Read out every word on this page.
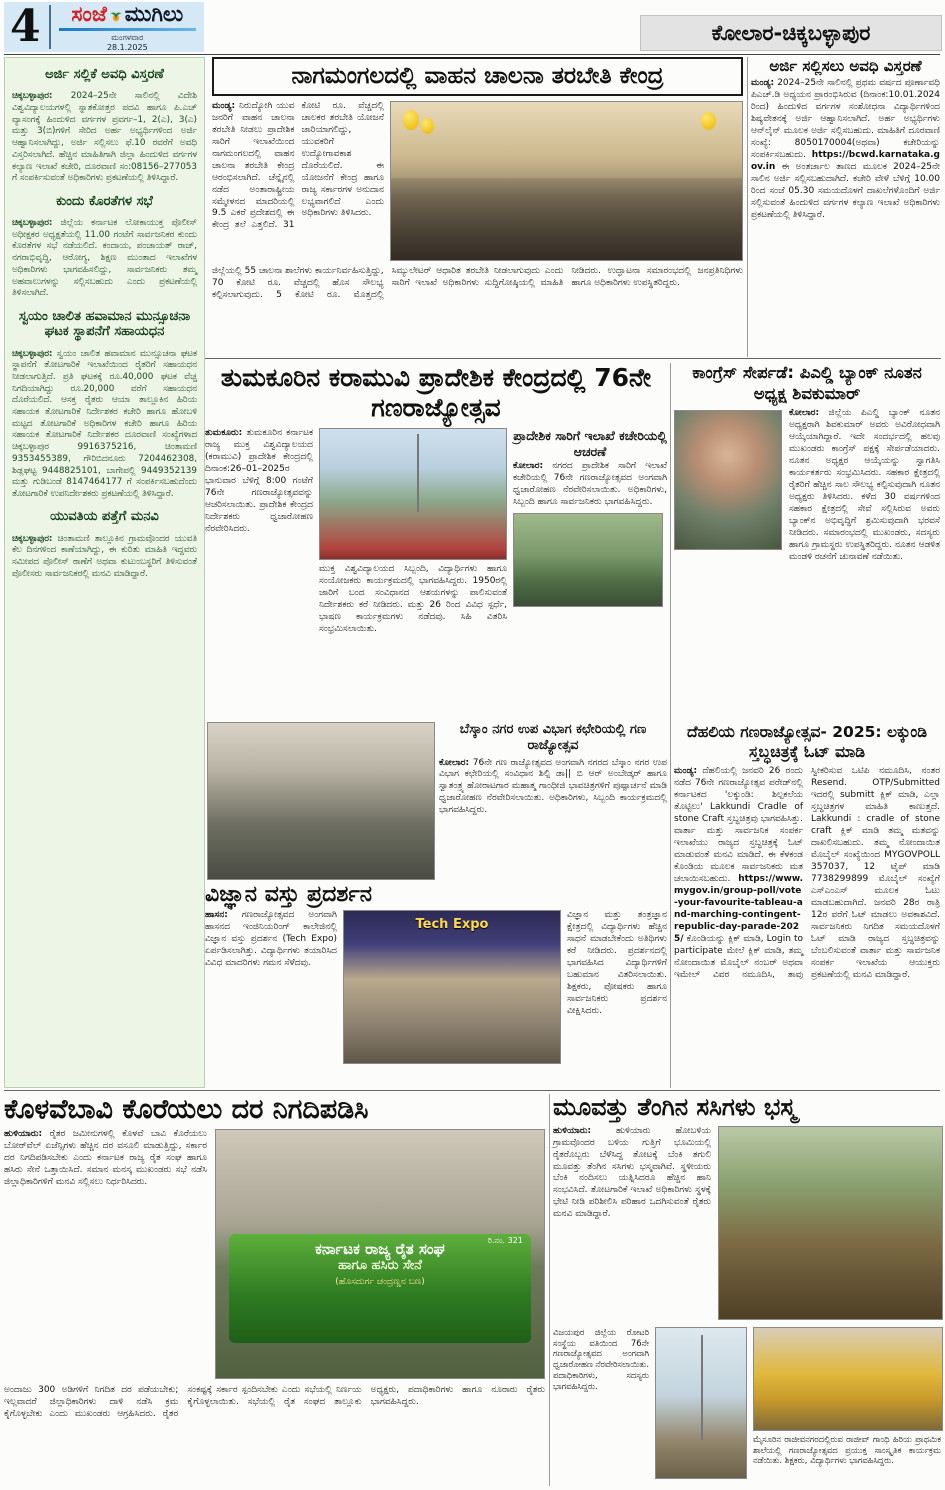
4	ಸಂಜೆ ಮುಗಿಲು
ಮಂಗಳವಾರ
28.1.2025
ಕೋಲಾರ-ಚಿಕ್ಕಬಳ್ಳಾಪುರ
ಅರ್ಜಿ ಸಲ್ಲಿಕೆ ಅವಧಿ ವಿಸ್ತರಣೆ

ಚಿಕ್ಕಬಳ್ಳಾಪುರ: 2024–25ನೇ ಸಾಲಿನಲ್ಲಿ ವಿದೇಶಿ ವಿಶ್ವವಿದ್ಯಾಲಯಗಳಲ್ಲಿ ಸ್ನಾತಕೋತ್ತರ ಪದವಿ ಹಾಗೂ ಪಿ.ಎಚ್ ವ್ಯಾಸಂಗಕ್ಕೆ ಹಿಂದುಳಿದ ವರ್ಗಗಳ ಪ್ರವರ್ಗ–1, 2(ಎ), 3(ಎ) ಮತ್ತು 3(ಬಿ)ಗಳಿಗೆ ಸೇರಿದ ಅರ್ಹ ಅಭ್ಯರ್ಥಿಗಳಿಂದ ಅರ್ಜಿ ಆಹ್ವಾನಿಸಲಾಗಿದ್ದು, ಅರ್ಜಿ ಸಲ್ಲಿಸಲು ಫೆ.10 ರವರೆಗೆ ಅವಧಿ ವಿಸ್ತರಿಸಲಾಗಿದೆ. ಹೆಚ್ಚಿನ ಮಾಹಿತಿಗಾಗಿ ಜಿಲ್ಲಾ ಹಿಂದುಳಿದ ವರ್ಗಗಳ ಕಲ್ಯಾಣ ಇಲಾಖೆ ಕಚೇರಿ, ದೂರವಾಣಿ ಸಂ:08156–277053 ಗೆ ಸಂಪರ್ಕಿಸುವಂತೆ ಅಧಿಕಾರಿಗಳು ಪ್ರಕಟಣೆಯಲ್ಲಿ ತಿಳಿಸಿದ್ದಾರೆ.

ಕುಂದು ಕೊರತೆಗಳ ಸಭೆ

ಚಿಕ್ಕಬಳ್ಳಾಪುರ: ಜಿಲ್ಲೆಯ ಕರ್ನಾಟಕ ಲೋಕಾಯುಕ್ತ ಪೊಲೀಸ್ ಅಧೀಕ್ಷಕರ ಅಧ್ಯಕ್ಷತೆಯಲ್ಲಿ 11.00 ಗಂಟೆಗೆ ಸಾರ್ವಜನಿಕರ ಕುಂದು ಕೊರತೆಗಳ ಸಭೆ ನಡೆಯಲಿದೆ. ಕಂದಾಯ, ಪಂಚಾಯತ್ ರಾಜ್, ನಗರಾಭಿವೃದ್ಧಿ, ಆರೋಗ್ಯ, ಶಿಕ್ಷಣ ಮುಂತಾದ ಇಲಾಖೆಗಳ ಅಧಿಕಾರಿಗಳು ಭಾಗವಹಿಸಲಿದ್ದು, ಸಾರ್ವಜನಿಕರು ತಮ್ಮ ಅಹವಾಲುಗಳನ್ನು ಸಲ್ಲಿಸಬಹುದು ಎಂದು ಪ್ರಕಟಣೆಯಲ್ಲಿ ತಿಳಿಸಲಾಗಿದೆ.

ಸ್ವಯಂ ಚಾಲಿತ ಹವಾಮಾನ ಮುನ್ಸೂಚನಾ ಘಟಕ ಸ್ಥಾಪನೆಗೆ ಸಹಾಯಧನ

ಚಿಕ್ಕಬಳ್ಳಾಪುರ: ಸ್ವಯಂ ಚಾಲಿತ ಹವಾಮಾನ ಮುನ್ಸೂಚನಾ ಘಟಕ ಸ್ಥಾಪನೆಗೆ ತೋಟಗಾರಿಕೆ ಇಲಾಖೆಯಿಂದ ರೈತರಿಗೆ ಸಹಾಯಧನ ನೀಡಲಾಗುತ್ತಿದೆ. ಪ್ರತಿ ಘಟಕಕ್ಕೆ ರೂ.40,000 ಘಟಕ ವೆಚ್ಚ ನಿಗದಿಯಾಗಿದ್ದು ರೂ.20,000 ವರೆಗೆ ಸಹಾಯಧನ ದೊರೆಯಲಿದೆ. ಆಸಕ್ತ ರೈತರು ಆಯಾ ತಾಲ್ಲೂಕಿನ ಹಿರಿಯ ಸಹಾಯಕ ತೋಟಗಾರಿಕೆ ನಿರ್ದೇಶಕರ ಕಚೇರಿ ಹಾಗೂ ಹೋಬಳಿ ಮಟ್ಟದ ತೋಟಗಾರಿಕೆ ಅಧಿಕಾರಿಗಳ ಕಚೇರಿ ಹಾಗೂ ಹಿರಿಯ ಸಹಾಯಕ ತೋಟಗಾರಿಕೆ ನಿರ್ದೇಶಕರ ದೂರವಾಣಿ ಸಂಖ್ಯೆಗಳಾದ ಚಿಕ್ಕಬಳ್ಳಾಪುರ 9916375216, ಚಿಂತಾಮಣಿ 9353455389, ಗೌರಿಬಿದನೂರು 7204462308, ಶಿಡ್ಲಘಟ್ಟ 9448825101, ಬಾಗೇಪಲ್ಲಿ 9449352139 ಮತ್ತು ಗುಡಿಬಂಡೆ 8147464177 ಗೆ ಸಂಪರ್ಕಿಸಬಹುದೆಂದು ತೋಟಗಾರಿಕೆ ಉಪನಿರ್ದೇಶಕರು ಪ್ರಕಟಣೆಯಲ್ಲಿ ತಿಳಿಸಿದ್ದಾರೆ.

ಯುವತಿಯ ಪತ್ತೆಗೆ ಮನವಿ

ಚಿಕ್ಕಬಳ್ಳಾಪುರ: ಚಿಂತಾಮಣಿ ತಾಲ್ಲೂಕಿನ ಗ್ರಾಮವೊಂದರ ಯುವತಿ ಕೆಲ ದಿನಗಳಿಂದ ಕಾಣೆಯಾಗಿದ್ದು, ಈ ಕುರಿತು ಮಾಹಿತಿ ಇದ್ದವರು ಸಮೀಪದ ಪೊಲೀಸ್ ಠಾಣೆಗೆ ಅಥವಾ ಕುಟುಂಬಸ್ಥರಿಗೆ ತಿಳಿಸುವಂತೆ ಪೊಲೀಸರು ಸಾರ್ವಜನಿಕರಲ್ಲಿ ಮನವಿ ಮಾಡಿದ್ದಾರೆ.

ನಾಗಮಂಗಲದಲ್ಲಿ ವಾಹನ ಚಾಲನಾ ತರಬೇತಿ ಕೇಂದ್ರ
ಮಂಡ್ಯ: ನಿರುದ್ಯೋಗಿ ಯುವ ಜನರಿಗೆ ವಾಹನ ಚಾಲನಾ ತರಬೇತಿ ನೀಡಲು ಪ್ರಾದೇಶಿಕ ಸಾರಿಗೆ ಇಲಾಖೆಯಿಂದ ನಾಗಮಂಗಲದಲ್ಲಿ ವಾಹನ ಚಾಲನಾ ತರಬೇತಿ ಕೇಂದ್ರ ಆರಂಭಿಸಲಾಗಿದೆ. ಚೆನ್ನೈನಲ್ಲಿ ನಡೆದ ಅಂತಾರಾಷ್ಟ್ರೀಯ ಸಮ್ಮೇಳನದ ಮಾದರಿಯಲ್ಲಿ 9.5 ಎಕರೆ ಪ್ರದೇಶದಲ್ಲಿ ಈ ಕೇಂದ್ರ ತಲೆ ಎತ್ತಲಿದೆ. 31 ಕೋಟಿ ರೂ. ವೆಚ್ಚದಲ್ಲಿ ಚಾಲಕರ ತರಬೇತಿ ಯೋಜನೆ ಜಾರಿಯಾಗಲಿದ್ದು, ಯುವಕರಿಗೆ ಉದ್ಯೋಗಾವಕಾಶ ದೊರೆಯಲಿದೆ. ಈ ಯೋಜನೆಗೆ ಕೇಂದ್ರ ಹಾಗೂ ರಾಜ್ಯ ಸರ್ಕಾರಗಳ ಅನುದಾನ ಲಭ್ಯವಾಗಲಿದೆ ಎಂದು ಅಧಿಕಾರಿಗಳು ತಿಳಿಸಿದರು.
ಜಿಲ್ಲೆಯಲ್ಲಿ 55 ಚಾಲನಾ ಶಾಲೆಗಳು ಕಾರ್ಯನಿರ್ವಹಿಸುತ್ತಿದ್ದು, 70 ಕೋಟಿ ರೂ. ವೆಚ್ಚದಲ್ಲಿ ಹೊಸ ಸೌಲಭ್ಯ ಕಲ್ಪಿಸಲಾಗುವುದು. 5 ಕೋಟಿ ರೂ. ಮೊತ್ತದಲ್ಲಿ ಸಿಮ್ಯುಲೇಟರ್ ಆಧಾರಿತ ತರಬೇತಿ ನೀಡಲಾಗುವುದು ಎಂದು ಸಾರಿಗೆ ಇಲಾಖೆ ಅಧಿಕಾರಿಗಳು ಸುದ್ದಿಗೋಷ್ಠಿಯಲ್ಲಿ ಮಾಹಿತಿ ನೀಡಿದರು. ಉದ್ಘಾಟನಾ ಸಮಾರಂಭದಲ್ಲಿ ಜನಪ್ರತಿನಿಧಿಗಳು ಹಾಗೂ ಅಧಿಕಾರಿಗಳು ಉಪಸ್ಥಿತರಿದ್ದರು.
ಅರ್ಜಿ ಸಲ್ಲಿಸಲು ಅವಧಿ ವಿಸ್ತರಣೆ

ಮಂಡ್ಯ: 2024–25ನೇ ಸಾಲಿನಲ್ಲಿ ಪ್ರಥಮ ವರ್ಷದ ಪೂರ್ಣಾವಧಿ ಪಿಎಚ್.ಡಿ ಅಧ್ಯಯನ ಪ್ರಾರಂಭಿಸಿರುವ (ದಿನಾಂಕ:10.01.2024 ರಿಂದ) ಹಿಂದುಳಿದ ವರ್ಗಗಳ ಸಂಶೋಧನಾ ವಿದ್ಯಾರ್ಥಿಗಳಿಂದ ಶಿಷ್ಯವೇತನಕ್ಕೆ ಅರ್ಜಿ ಆಹ್ವಾನಿಸಲಾಗಿದೆ. ಅರ್ಹ ಅಭ್ಯರ್ಥಿಗಳು ಆನ್‌ಲೈನ್ ಮೂಲಕ ಅರ್ಜಿ ಸಲ್ಲಿಸಬಹುದು. ಮಾಹಿತಿಗೆ ದೂರವಾಣಿ ಸಂಖ್ಯೆ: 8050170004(ಅಥವಾ) ಕಚೇರಿಯನ್ನು ಸಂಪರ್ಕಿಸಬಹುದು. https://bcwd.karnataka.gov.in ಈ ಅಂತರ್ಜಾಲ ತಾಣದ ಮೂಲಕ 2024–25ನೇ ಸಾಲಿನ ಅರ್ಜಿ ಸಲ್ಲಿಸಬಹುದಾಗಿದೆ. ಕಚೇರಿ ವೇಳೆ ಬೆಳಿಗ್ಗೆ 10.00 ರಿಂದ ಸಂಜೆ 05.30 ಸಮಯದೊಳಗೆ ದಾಖಲೆಗಳೊಂದಿಗೆ ಅರ್ಜಿ ಸಲ್ಲಿಸುವಂತೆ ಹಿಂದುಳಿದ ವರ್ಗಗಳ ಕಲ್ಯಾಣ ಇಲಾಖೆ ಅಧಿಕಾರಿಗಳು ಪ್ರಕಟಣೆಯಲ್ಲಿ ತಿಳಿಸಿದ್ದಾರೆ.

ತುಮಕೂರಿನ ಕರಾಮುವಿ ಪ್ರಾದೇಶಿಕ ಕೇಂದ್ರದಲ್ಲಿ 76ನೇ ಗಣರಾಜ್ಯೋತ್ಸವ
ತುಮಕೂರು: ತುಮಕೂರಿನ ಕರ್ನಾಟಕ ರಾಜ್ಯ ಮುಕ್ತ ವಿಶ್ವವಿದ್ಯಾಲಯದ (ಕರಾಮುವಿ) ಪ್ರಾದೇಶಿಕ ಕೇಂದ್ರದಲ್ಲಿ ದಿನಾಂಕ:26–01–2025ರ ಭಾನುವಾರ ಬೆಳಿಗ್ಗೆ 8:00 ಗಂಟೆಗೆ 76ನೇ ಗಣರಾಜ್ಯೋತ್ಸವವನ್ನು ಆಚರಿಸಲಾಯಿತು. ಪ್ರಾದೇಶಿಕ ಕೇಂದ್ರದ ನಿರ್ದೇಶಕರು ಧ್ವಜಾರೋಹಣ ನೆರವೇರಿಸಿದರು.
ಮುಕ್ತ ವಿಶ್ವವಿದ್ಯಾಲಯದ ಸಿಬ್ಬಂದಿ, ವಿದ್ಯಾರ್ಥಿಗಳು ಹಾಗೂ ಸಂಯೋಜಕರು ಕಾರ್ಯಕ್ರಮದಲ್ಲಿ ಭಾಗವಹಿಸಿದ್ದರು. 1950ರಲ್ಲಿ ಜಾರಿಗೆ ಬಂದ ಸಂವಿಧಾನದ ಆಶಯಗಳನ್ನು ಪಾಲಿಸುವಂತೆ ನಿರ್ದೇಶಕರು ಕರೆ ನೀಡಿದರು. ಮತ್ತು 26 ರಿಂದ ವಿವಿಧ ಸ್ಪರ್ಧೆ, ಭಾಷಣ ಕಾರ್ಯಕ್ರಮಗಳು ನಡೆದವು. ಸಿಹಿ ವಿತರಿಸಿ ಸಂಭ್ರಮಿಸಲಾಯಿತು.
ಪ್ರಾದೇಶಿಕ ಸಾರಿಗೆ ಇಲಾಖೆ ಕಚೇರಿಯಲ್ಲಿ ಆಚರಣೆ

ಕೋಲಾರ: ನಗರದ ಪ್ರಾದೇಶಿಕ ಸಾರಿಗೆ ಇಲಾಖೆ ಕಚೇರಿಯಲ್ಲಿ 76ನೇ ಗಣರಾಜ್ಯೋತ್ಸವದ ಅಂಗವಾಗಿ ಧ್ವಜಾರೋಹಣ ನೆರವೇರಿಸಲಾಯಿತು. ಅಧಿಕಾರಿಗಳು, ಸಿಬ್ಬಂದಿ ಹಾಗೂ ಸಾರ್ವಜನಿಕರು ಭಾಗವಹಿಸಿದ್ದರು.

ಕಾಂಗ್ರೆಸ್ ಸೇರ್ಪಡೆ: ಪಿಎಲ್ಡಿ ಬ್ಯಾಂಕ್ ನೂತನ ಅಧ್ಯಕ್ಷ ಶಿವಕುಮಾರ್
ಕೋಲಾರ: ಜಿಲ್ಲೆಯ ಪಿಎಲ್ಡಿ ಬ್ಯಾಂಕ್ ನೂತನ ಅಧ್ಯಕ್ಷರಾಗಿ ಶಿವಕುಮಾರ್ ಅವರು ಅವಿರೋಧವಾಗಿ ಆಯ್ಕೆಯಾಗಿದ್ದಾರೆ. ಇದೇ ಸಂದರ್ಭದಲ್ಲಿ ಹಲವು ಮುಖಂಡರು ಕಾಂಗ್ರೆಸ್ ಪಕ್ಷಕ್ಕೆ ಸೇರ್ಪಡೆಯಾದರು. ನೂತನ ಅಧ್ಯಕ್ಷರ ಆಯ್ಕೆಯನ್ನು ಸ್ವಾಗತಿಸಿ ಕಾರ್ಯಕರ್ತರು ಸಂಭ್ರಮಿಸಿದರು. ಸಹಕಾರ ಕ್ಷೇತ್ರದಲ್ಲಿ ರೈತರಿಗೆ ಹೆಚ್ಚಿನ ಸಾಲ ಸೌಲಭ್ಯ ಕಲ್ಪಿಸುವುದಾಗಿ ನೂತನ ಅಧ್ಯಕ್ಷರು ತಿಳಿಸಿದರು. ಕಳೆದ 30 ವರ್ಷಗಳಿಂದ ಸಹಕಾರ ಕ್ಷೇತ್ರದಲ್ಲಿ ಸೇವೆ ಸಲ್ಲಿಸಿರುವ ಅವರು ಬ್ಯಾಂಕ್‌ನ ಅಭಿವೃದ್ಧಿಗೆ ಶ್ರಮಿಸುವುದಾಗಿ ಭರವಸೆ ನೀಡಿದರು. ಸಮಾರಂಭದಲ್ಲಿ ಮುಖಂಡರು, ಸದಸ್ಯರು ಹಾಗೂ ಗ್ರಾಮಸ್ಥರು ಉಪಸ್ಥಿತರಿದ್ದರು. ನೂತನ ಆಡಳಿತ ಮಂಡಳಿ ರಚನೆಗೆ ಚುನಾವಣೆ ನಡೆಯಿತು.
ಬೆಸ್ಕಾಂ ನಗರ ಉಪ ವಿಭಾಗ ಕಛೇರಿಯಲ್ಲಿ ಗಣ ರಾಜ್ಯೋತ್ಸವ

ಕೋಲಾರ: 76ನೇ ಗಣ ರಾಜ್ಯೋತ್ಸವದ ಅಂಗವಾಗಿ ನಗರದ ಬೆಸ್ಕಾಂ ನಗರ ಉಪ ವಿಭಾಗ ಕಛೇರಿಯಲ್ಲಿ ಸಂವಿಧಾನ ಶಿಲ್ಪಿ ಡಾ|| ಬಿ ಆರ್ ಅಂಬೇಡ್ಕರ್ ಹಾಗೂ ಸ್ವಾತಂತ್ರ್ಯ ಹೋರಾಟಗಾರ ಮಹಾತ್ಮ ಗಾಂಧೀಜಿ ಭಾವಚಿತ್ರಗಳಿಗೆ ಪುಷ್ಪಾರ್ಚನೆ ಮಾಡಿ ಧ್ವಜಾರೋಹಣ ನೆರವೇರಿಸಲಾಯಿತು. ಅಧಿಕಾರಿಗಳು, ಸಿಬ್ಬಂದಿ ಕಾರ್ಯಕ್ರಮದಲ್ಲಿ ಭಾಗವಹಿಸಿದ್ದರು.

ದೆಹಲಿಯ ಗಣರಾಜ್ಯೋತ್ಸವ- 2025: ಲಕ್ಕುಂಡಿ ಸ್ತಬ್ಧಚಿತ್ರಕ್ಕೆ ಓಟ್ ಮಾಡಿ
ಮಂಡ್ಯ: ದೆಹಲಿಯಲ್ಲಿ ಜನವರಿ 26 ರಂದು ನಡೆದ 76ನೇ ಗಣರಾಜ್ಯೋತ್ಸವ ಪರೇಡ್‌ನಲ್ಲಿ ಕರ್ನಾಟಕದ 'ಲಕ್ಕುಂಡಿ: ಶಿಲ್ಪಕಲೆಯ ತೊಟ್ಟಿಲು' Lakkundi Cradle of stone Craft ಸ್ತಬ್ಧಚಿತ್ರವು ಭಾಗವಹಿಸಿತ್ತು. ವಾರ್ತಾ ಮತ್ತು ಸಾರ್ವಜನಿಕ ಸಂಪರ್ಕ ಇಲಾಖೆಯು ರಾಜ್ಯದ ಸ್ತಬ್ಧಚಿತ್ರಕ್ಕೆ ಓಟ್ ಮಾಡುವಂತೆ ಮನವಿ ಮಾಡಿದೆ. ಈ ಕೆಳಕಂಡ ಕೊಂಡಿಯ ಮೂಲಕ ಸಾರ್ವಜನಿಕರು ಮತ ಚಲಾಯಿಸಬಹುದು. https://www.mygov.in/group-poll/vote-your-favourite-tableau-and-marching-contingent-republic-day-parade-2025/ ಕೊಂಡಿಯನ್ನು ಕ್ಲಿಕ್ ಮಾಡಿ, Login to participate ಮೇಲೆ ಕ್ಲಿಕ್ ಮಾಡಿ, ತಮ್ಮ ನೋಂದಾಯಿತ ಮೊಬೈಲ್ ನಂಬರ್ ಅಥವಾ ಇಮೇಲ್ ವಿವರ ನಮೂದಿಸಿ, ತಾವು ಸ್ವೀಕರಿಸುವ ಒಟಿಪಿ ನಮೂದಿಸಿ, ನಂತರ Resend. OTP/Submitted ಇದರಲ್ಲಿ submitt ಕ್ಲಿಕ್ ಮಾಡಿ, ಎಲ್ಲಾ ಸ್ತಬ್ಧಚಿತ್ರಗಳ ಮಾಹಿತಿ ಕಾಣುತ್ತದೆ. Lakkundi : cradle of stone craft ಕ್ಲಿಕ್ ಮಾಡಿ ತಮ್ಮ ಮತವನ್ನು ದಾಖಲಿಸಬಹುದು. ತಮ್ಮ ನೋಂದಾಯಿತ ಮೊಬೈಲ್ ಸಂಖ್ಯೆಯಿಂದ MYGOVPOLL 357037, 12 ಟೈಪ್ ಮಾಡಿ 7738299899 ಮೊಬೈಲ್ ಸಂಖ್ಯೆಗೆ ಎಸ್‌ಎಂಎಸ್ ಮೂಲಕ ಓಟು ಮಾಡಬಹುದಾಗಿದೆ. ಜನವರಿ 28ರ ರಾತ್ರಿ 12ರ ವರೆಗೆ ಓಟ್ ಮಾಡಲು ಅವಕಾಶವಿದೆ. ಸಾರ್ವಜನಿಕರು ನಿಗದಿತ ಸಮಯದೊಳಗೆ ಓಟ್ ಮಾಡಿ ರಾಜ್ಯದ ಸ್ತಬ್ಧಚಿತ್ರವನ್ನು ಬೆಂಬಲಿಸುವಂತೆ ವಾರ್ತಾ ಮತ್ತು ಸಾರ್ವಜನಿಕ ಸಂಪರ್ಕ ಇಲಾಖೆಯ ಆಯುಕ್ತರು ಪ್ರಕಟಣೆಯಲ್ಲಿ ಮನವಿ ಮಾಡಿದ್ದಾರೆ.
ವಿಜ್ಞಾನ ವಸ್ತು ಪ್ರದರ್ಶನ
ಹಾಸನ: ಗಣರಾಜ್ಯೋತ್ಸವದ ಅಂಗವಾಗಿ ಹಾಸನದ ಇಂಜಿನಿಯರಿಂಗ್ ಕಾಲೇಜಿನಲ್ಲಿ ವಿಜ್ಞಾನ ವಸ್ತು ಪ್ರದರ್ಶನ (Tech Expo) ಏರ್ಪಡಿಸಲಾಗಿತ್ತು. ವಿದ್ಯಾರ್ಥಿಗಳು ತಯಾರಿಸಿದ ವಿವಿಧ ಮಾದರಿಗಳು ಗಮನ ಸೆಳೆದವು.
Tech Expo
ವಿಜ್ಞಾನ ಮತ್ತು ತಂತ್ರಜ್ಞಾನ ಕ್ಷೇತ್ರದಲ್ಲಿ ವಿದ್ಯಾರ್ಥಿಗಳು ಹೆಚ್ಚಿನ ಸಾಧನೆ ಮಾಡಬೇಕೆಂದು ಅತಿಥಿಗಳು ಕರೆ ನೀಡಿದರು. ಪ್ರದರ್ಶನದಲ್ಲಿ ಭಾಗವಹಿಸಿದ ವಿದ್ಯಾರ್ಥಿಗಳಿಗೆ ಬಹುಮಾನ ವಿತರಿಸಲಾಯಿತು. ಶಿಕ್ಷಕರು, ಪೋಷಕರು ಹಾಗೂ ಸಾರ್ವಜನಿಕರು ಪ್ರದರ್ಶನ ವೀಕ್ಷಿಸಿದರು.
ಕೊಳವೆಬಾವಿ ಕೊರೆಯಲು ದರ ನಿಗದಿಪಡಿಸಿ
ಹುಳಿಯಾರು: ರೈತರ ಜಮೀನುಗಳಲ್ಲಿ ಕೊಳವೆ ಬಾವಿ ಕೊರೆಯಲು ಬೋರ್‌ವೆಲ್ ಏಜೆನ್ಸಿಗಳು ಹೆಚ್ಚಿನ ದರ ವಸೂಲಿ ಮಾಡುತ್ತಿದ್ದು, ಸರ್ಕಾರ ದರ ನಿಗದಿಪಡಿಸಬೇಕು ಎಂದು ಕರ್ನಾಟಕ ರಾಜ್ಯ ರೈತ ಸಂಘ ಹಾಗೂ ಹಸಿರು ಸೇನೆ ಒತ್ತಾಯಿಸಿದೆ. ಸಮಾನ ಮನಸ್ಕ ಮುಖಂಡರು ಸಭೆ ನಡೆಸಿ ಜಿಲ್ಲಾಧಿಕಾರಿಗಳಿಗೆ ಮನವಿ ಸಲ್ಲಿಸಲು ನಿರ್ಧರಿಸಿದರು.
ರಿ.ನಂ. 321
ಕರ್ನಾಟಕ ರಾಜ್ಯ ರೈತ ಸಂಘ
ಹಾಗೂ ಹಸಿರು ಸೇನೆ
(ಹೊಸದುರ್ಗ ಚಂದ್ರಣ್ಣನ ಬಣ)
ಅಂದಾಜು 300 ಅಡಿಗಳಿಗೆ ನಿಗದಿತ ದರ ಪಡೆಯಬೇಕು; ಇಲ್ಲವಾದರೆ ಜಿಲ್ಲಾಧಿಕಾರಿಗಳು ದಾಳಿ ನಡೆಸಿ ಕ್ರಮ ಕೈಗೊಳ್ಳಬೇಕು ಎಂದು ಮುಖಂಡರು ಆಗ್ರಹಿಸಿದರು. ರೈತರ ಸಂಕಷ್ಟಕ್ಕೆ ಸರ್ಕಾರ ಸ್ಪಂದಿಸಬೇಕು ಎಂದು ಸಭೆಯಲ್ಲಿ ನಿರ್ಣಯ ಕೈಗೊಳ್ಳಲಾಯಿತು. ಸಭೆಯಲ್ಲಿ ರೈತ ಸಂಘದ ತಾಲ್ಲೂಕು ಅಧ್ಯಕ್ಷರು, ಪದಾಧಿಕಾರಿಗಳು ಹಾಗೂ ನೂರಾರು ರೈತರು ಭಾಗವಹಿಸಿದ್ದರು.
ಮೂವತ್ತು ತೆಂಗಿನ ಸಸಿಗಳು ಭಸ್ಮ
ಹುಳಿಯಾರು:	ಹುಳಿಯಾರು ಹೋಬಳಿಯ ಗ್ರಾಮವೊಂದರ ಬಳಿಯ ಗುತ್ತಿಗೆ ಭೂಮಿಯಲ್ಲಿ ರೈತರೊಬ್ಬರು ಬೆಳೆಸಿದ್ದ ತೋಟಕ್ಕೆ ಬೆಂಕಿ ತಗುಲಿ ಮೂವತ್ತು ತೆಂಗಿನ ಸಸಿಗಳು ಭಸ್ಮವಾಗಿವೆ. ಸ್ಥಳೀಯರು ಬೆಂಕಿ ನಂದಿಸಲು ಯತ್ನಿಸಿದರೂ ಹೆಚ್ಚಿನ ಹಾನಿ ಸಂಭವಿಸಿದೆ. ತೋಟಗಾರಿಕೆ ಇಲಾಖೆ ಅಧಿಕಾರಿಗಳು ಸ್ಥಳಕ್ಕೆ ಭೇಟಿ ನೀಡಿ ಪರಿಶೀಲಿಸಿ ಪರಿಹಾರ ಒದಗಿಸುವಂತೆ ರೈತರು ಮನವಿ ಮಾಡಿದ್ದಾರೆ.
ವಿಜಯಪುರ ಜಿಲ್ಲೆಯ ರೋಟರಿ ಸಂಸ್ಥೆಯ ವತಿಯಿಂದ 76ನೇ ಗಣರಾಜ್ಯೋತ್ಸವದ ಅಂಗವಾಗಿ ಧ್ವಜಾರೋಹಣ ನೆರವೇರಿಸಲಾಯಿತು. ಪದಾಧಿಕಾರಿಗಳು, ಸದಸ್ಯರು ಭಾಗವಹಿಸಿದ್ದರು.
ಮೈಸೂರಿನ ರಾಜೀವನಗರದಲ್ಲಿರುವ ರಾಜೀವ್ ಗಾಂಧಿ ಹಿರಿಯ ಪ್ರಾಥಮಿಕ ಶಾಲೆಯಲ್ಲಿ ಗಣರಾಜ್ಯೋತ್ಸವದ ಪ್ರಯುಕ್ತ ಸಾಂಸ್ಕೃತಿಕ ಕಾರ್ಯಕ್ರಮ ನಡೆಯಿತು. ಶಿಕ್ಷಕರು, ವಿದ್ಯಾರ್ಥಿಗಳು ಭಾಗವಹಿಸಿದ್ದರು.
